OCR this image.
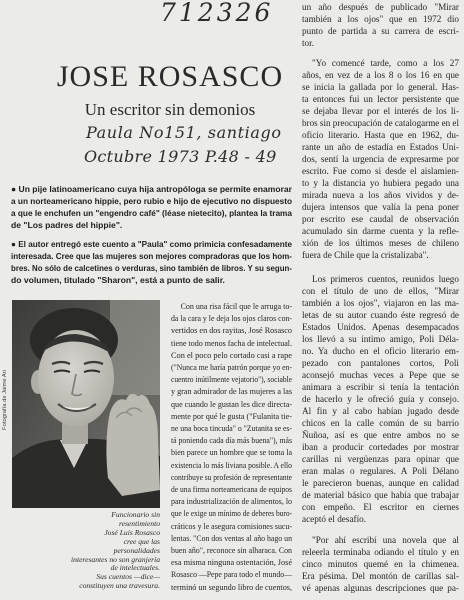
712326
JOSE ROSASCO
Un escritor sin demonios
Paula No151, santiago
Octubre 1973 P.48 - 49
● Un pije latinoamericano cuya hija antropóloga se permite enamorar
a un norteamericano hippie, pero rubio e hijo de ejecutivo no dispuesto
a que le enchufen un "engendro café" (léase nietecito), plantea la trama
de "Los padres del hippie".
● El autor entregó este cuento a "Paula" como primicia confesadamente
interesada. Cree que las mujeres son mejores compradoras que los hom-
bres. No sólo de calcetines o verduras, sino también de libros. Y su segun-
do volumen, titulado "Sharon", está a punto de salir.
Fotografía de Jaime Ari
Funcionario sin
resentimiento
José Luis Rosasco
cree que las
personalidades
interesantes no son granjería
de intelectuales.
Sus cuentos —dice—
constituyen una travesura.
Con una risa fácil que le arruga to-
da la cara y le deja los ojos claros con-
vertidos en dos rayitas, José Rosasco
tiene todo menos facha de intelectual.
Con el poco pelo cortado casi a rape
("Nunca me haría patrón porque yo en-
cuentro inútilmente vejatorio"), sociable
y gran admirador de las mujeres a las
que cuando le gustan les dice directa-
mente por qué le gusta ("Fulanita tie-
ne una boca tincuda" o "Zutanita se es-
tá poniendo cada día más buena"), más
bien parece un hombre que se toma la
existencia lo más liviana posible. A ello
contribuye su profesión de representante
de una firma norteamericana de equipos
para industrialización de alimentos, lo
que le exige un mínimo de deberes buro-
cráticos y le asegura comisiones sucu-
lentas. "Con dos ventas al año hago un
buen año", reconoce sin alharaca. Con
esa misma ninguna ostentación, José
Rosasco —Pepe para todo el mundo—
terminó un segundo libro de cuentos,
un año después de publicado "Mirar
también a los ojos" que en 1972 dio
punto de partida a su carrera de escri-
tor.
"Yo comencé tarde, como a los 27
años, en vez de a los 8 o los 16 en que
se inicia la gallada por lo general. Has-
ta entonces fui un lector persistente que
se dejaba llevar por el interés de los li-
bros sin preocupación de catalogarme en el
oficio literario. Hasta que en 1962, du-
rante un año de estadía en Estados Uni-
dos, sentí la urgencia de expresarme por
escrito. Fue como si desde el aislamien-
to y la distancia yo hubiera pegado una
mirada nueva a los años vividos y de-
dujera intensos que valía la pena poner
por escrito ese caudal de observación
acumulado sin darme cuenta y la refle-
xión de los últimos meses de chileno
fuera de Chile que la cristalizaba".
Los primeros cuentos, reunidos luego
con el título de uno de ellos, "Mirar
también a los ojos", viajaron en las ma-
letas de su autor cuando éste regresó de
Estados Unidos. Apenas desempacados
los llevó a su íntimo amigo, Poli Déla-
no. Ya ducho en el oficio literario em-
pezado con pantalones cortos, Poli
aconsejó muchas veces a Pepe que se
animara a escribir si tenía la tentación
de hacerlo y le ofreció guía y consejo.
Al fin y al cabo habían jugado desde
chicos en la calle común de su barrio
Ñuñoa, así es que entre ambos no se
iban a producir cortedades por mostrar
carillas ni vergüenzas para opinar que
eran malas o regulares. A Poli Délano
le parecieron buenas, aunque en calidad
de material básico que había que trabajar
con empeño. El escritor en ciernes
aceptó el desafío.
"Por ahí escribí una novela que al
releerla terminaba odiando el título y en
cinco minutos quemé en la chimenea.
Era pésima. Del montón de carillas sal-
vé apenas algunas descripciones que pa-
